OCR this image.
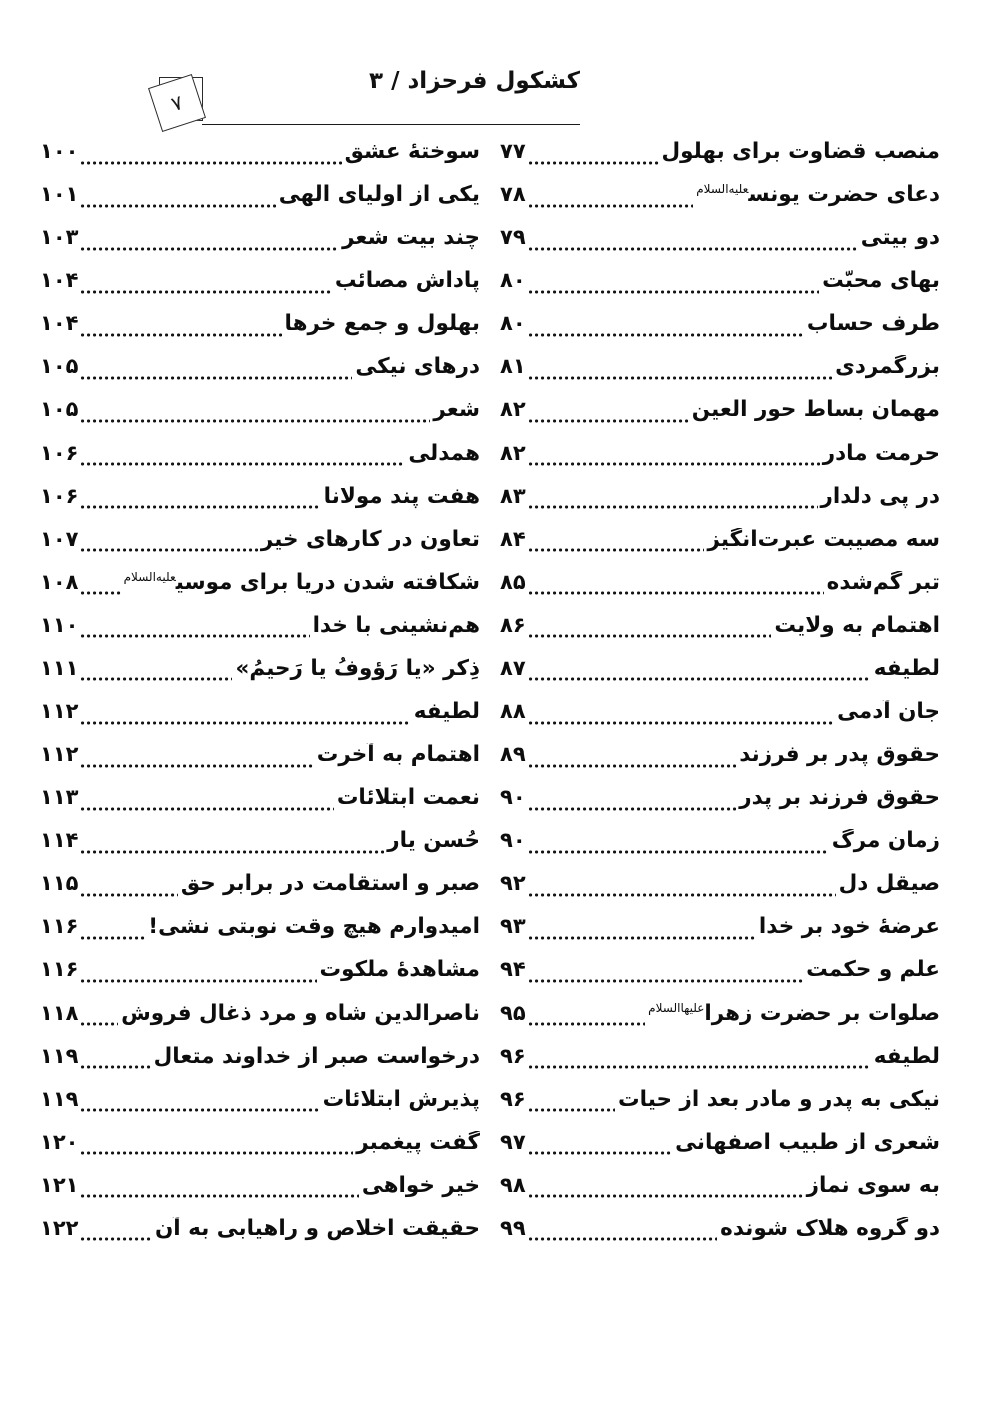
۷
کشکول فرحزاد / ۳
منصب قضاوت برای بهلول
۷۷
دعای حضرت یونس$^{علیه‌السلام}$
۷۸
دو بیتی
۷۹
بهای محبّت
۸۰
طرف حساب
۸۰
بزرگمردی
۸۱
مهمان بساط حور العین
۸۲
حرمت مادر
۸۲
در پی دلدار
۸۳
سه مصیبت عبرت‌انگیز
۸۴
تبر گم‌شده
۸۵
اهتمام به ولایت
۸۶
لطیفه
۸۷
جان آدمی
۸۸
حقوق پدر بر فرزند
۸۹
حقوق فرزند بر پدر
۹۰
زمان مرگ
۹۰
صیقل دل
۹۲
عرضۀ خود بر خدا
۹۳
علم و حکمت
۹۴
صلوات بر حضرت زهرا$^{علیهاالسلام}$
۹۵
لطیفه
۹۶
نیکی به پدر و مادر بعد از حیات
۹۶
شعری از طبیب اصفهانی
۹۷
به سوی نماز
۹۸
دو گروه هلاک شونده
۹۹
سوختۀ عشق
۱۰۰
یکی از اولیای الهی
۱۰۱
چند بیت شعر
۱۰۳
پاداش مصائب
۱۰۴
بهلول و جمع خرها
۱۰۴
درهای نیکی
۱۰۵
شعر
۱۰۵
همدلی
۱۰۶
هفت پند مولانا
۱۰۶
تعاون در کارهای خیر
۱۰۷
شکافته شدن دریا برای موسی$^{علیه‌السلام}$
۱۰۸
هم‌نشینی با خدا
۱۱۰
ذِکر «یا رَؤوفُ یا رَحیمُ»
۱۱۱
لطیفه
۱۱۲
اهتمام به آخرت
۱۱۲
نعمت ابتلائات
۱۱۳
حُسن یار
۱۱۴
صبر و استقامت در برابر حق
۱۱۵
امیدوارم هیچ وقت نوبتی نشی!
۱۱۶
مشاهدۀ ملکوت
۱۱۶
ناصرالدین شاه و مرد ذغال فروش
۱۱۸
درخواست صبر از خداوند متعال
۱۱۹
پذیرش ابتلائات
۱۱۹
گفت پیغمبر
۱۲۰
خیر خواهی
۱۲۱
حقیقت اخلاص و راهیابی به آن
۱۲۲
